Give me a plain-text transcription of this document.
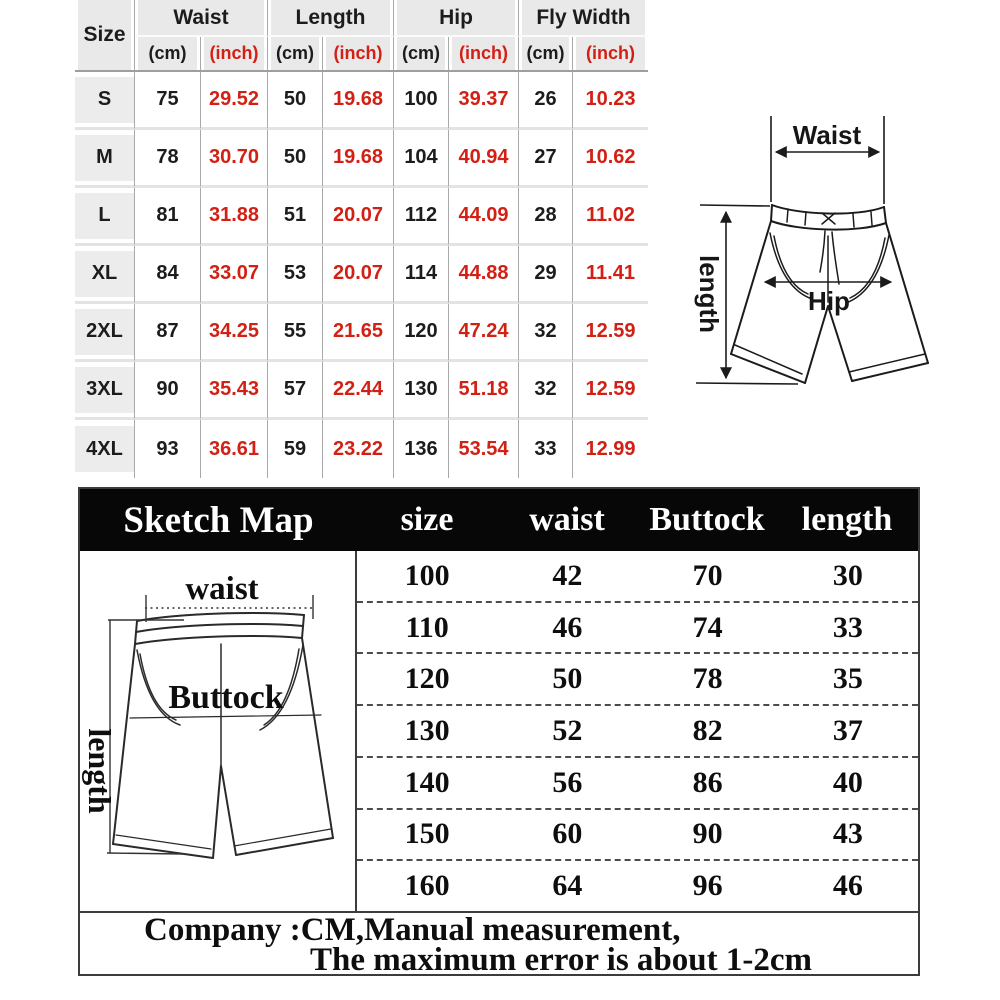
Size
Waist	Length	Hip	Fly Width
(cm)	(inch) (cm)	(inch)	(cm)	(inch)	(cm)	(inch)
S	75	29.52	50	19.68	100	39.37	26	10.23
M	78	30.70	50	19.68	104	40.94	27	10.62
L	81	31.88	51	20.07	112	44.09	28	11.02
XL	84	33.07	53	20.07	114	44.88	29	11.41
2XL	87	34.25	55	21.65	120	47.24	32	12.59
3XL	90	35.43	57	22.44	130	51.18	32	12.59
4XL	93	36.61	59	23.22	136	53.54	33	12.99
Waist
length	Hip
Sketch Map	size	waist	Buttock	length
waist
length
Buttock
100	42	70	30
110	46	74	33
120	50	78	35
130	52	82	37
140	56	86	40
150	60	90	43
160	64	96	46
Company :CM,Manual measurement,
The maximum error is about 1-2cm
